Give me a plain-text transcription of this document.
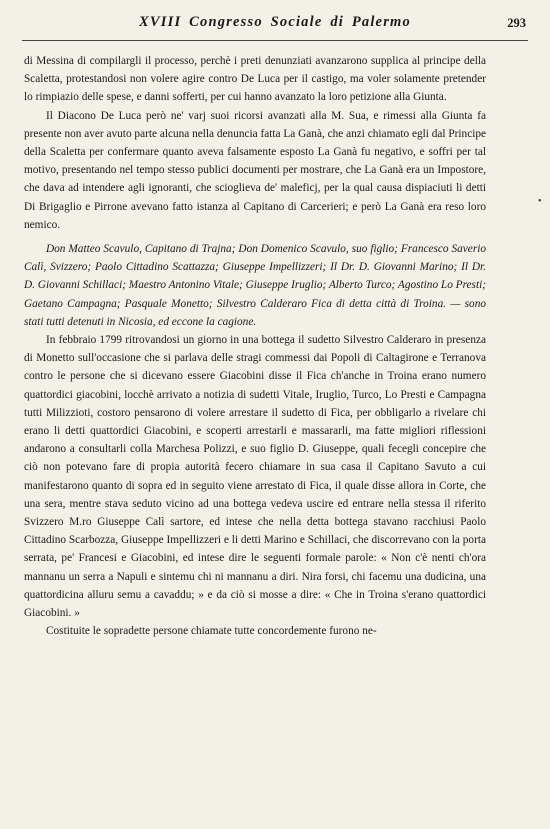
XVIII Congresso Sociale di Palermo	293
•

di Messina di compilargli il processo, perchè i preti denunziati avanzarono supplica al principe della Scaletta, protestandosi non volere agire contro De Luca per il castigo, ma voler solamente pretender lo rimpiazio delle spese, e danni sofferti, per cui hanno avanzato la loro petizione alla Giunta.

Il Diacono De Luca però ne' varj suoi ricorsi avanzati alla M. Sua, e rimessi alla Giunta fa presente non aver avuto parte alcuna nella denuncia fatta La Ganà, che anzi chiamato egli dal Principe della Scaletta per confermare quanto aveva falsamente esposto La Ganà fu negativo, e soffri per tal motivo, presentando nel tempo stesso publici documenti per mostrare, che La Ganà era un Impostore, che dava ad intendere agli ignoranti, che scioglieva de' maleficj, per la qual causa dispiaciuti li detti Di Brigaglio e Pirrone avevano fatto istanza al Capitano di Carcerieri; e però La Ganà era reso loro nemico.

Don Matteo Scavulo, Capitano di Trajna; Don Domenico Scavulo, suo figlio; Francesco Saverio Calì, Svizzero; Paolo Cittadino Scattazza; Giuseppe Impellizzeri; Il Dr. D. Giovanni Marino; Il Dr. D. Giovanni Schillaci; Maestro Antonino Vitale; Giuseppe Iruglio; Alberto Turco; Agostino Lo Presti; Gaetano Campagna; Pasquale Monetto; Silvestro Calderaro Fica di detta città di Troina. — sono stati tutti detenuti in Nicosia, ed eccone la cagione.

In febbraio 1799 ritrovandosi un giorno in una bottega il sudetto Silvestro Calderaro in presenza di Monetto sull'occasione che si parlava delle stragi commessi dai Popoli di Caltagirone e Terranova contro le persone che si dicevano essere Giacobini disse il Fica ch'anche in Troina erano numero quattordici giacobini, locchè arrivato a notizia di sudetti Vitale, Iruglio, Turco, Lo Presti e Campagna tutti Milizzioti, costoro pensarono di volere arrestare il sudetto di Fica, per obbligarlo a rivelare chi erano li detti quattordici Giacobini, e scoperti arrestarli e massararli, ma fatte migliori riflessioni andarono a consultarli colla Marchesa Polizzi, e suo figlio D. Giuseppe, quali fecegli concepire che ciò non potevano fare di propia autorità fecero chiamare in sua casa il Capitano Savuto a cui manifestarono quanto di sopra ed in seguito viene arrestato di Fica, il quale disse allora in Corte, che una sera, mentre stava seduto vicino ad una bottega vedeva uscire ed entrare nella stessa il riferito Svizzero M.ro Giuseppe Calì sartore, ed intese che nella detta bottega stavano racchiusi Paolo Cittadino Scarbozza, Giuseppe Impellizzeri e li detti Marino e Schillaci, che discorrevano con la porta serrata, pe' Francesi e Giacobini, ed intese dire le seguenti formale parole: « Non c'è nenti ch'ora mannanu un serra a Napuli e sintemu chi ni mannanu a diri. Nira forsi, chi facemu una dudicina, una quattordicina alluru semu a cavaddu; » e da ciò si mosse a dire: « Che in Troina s'erano quattordici Giacobini. »

Costituite le sopradette persone chiamate tutte concordemente furono ne-
